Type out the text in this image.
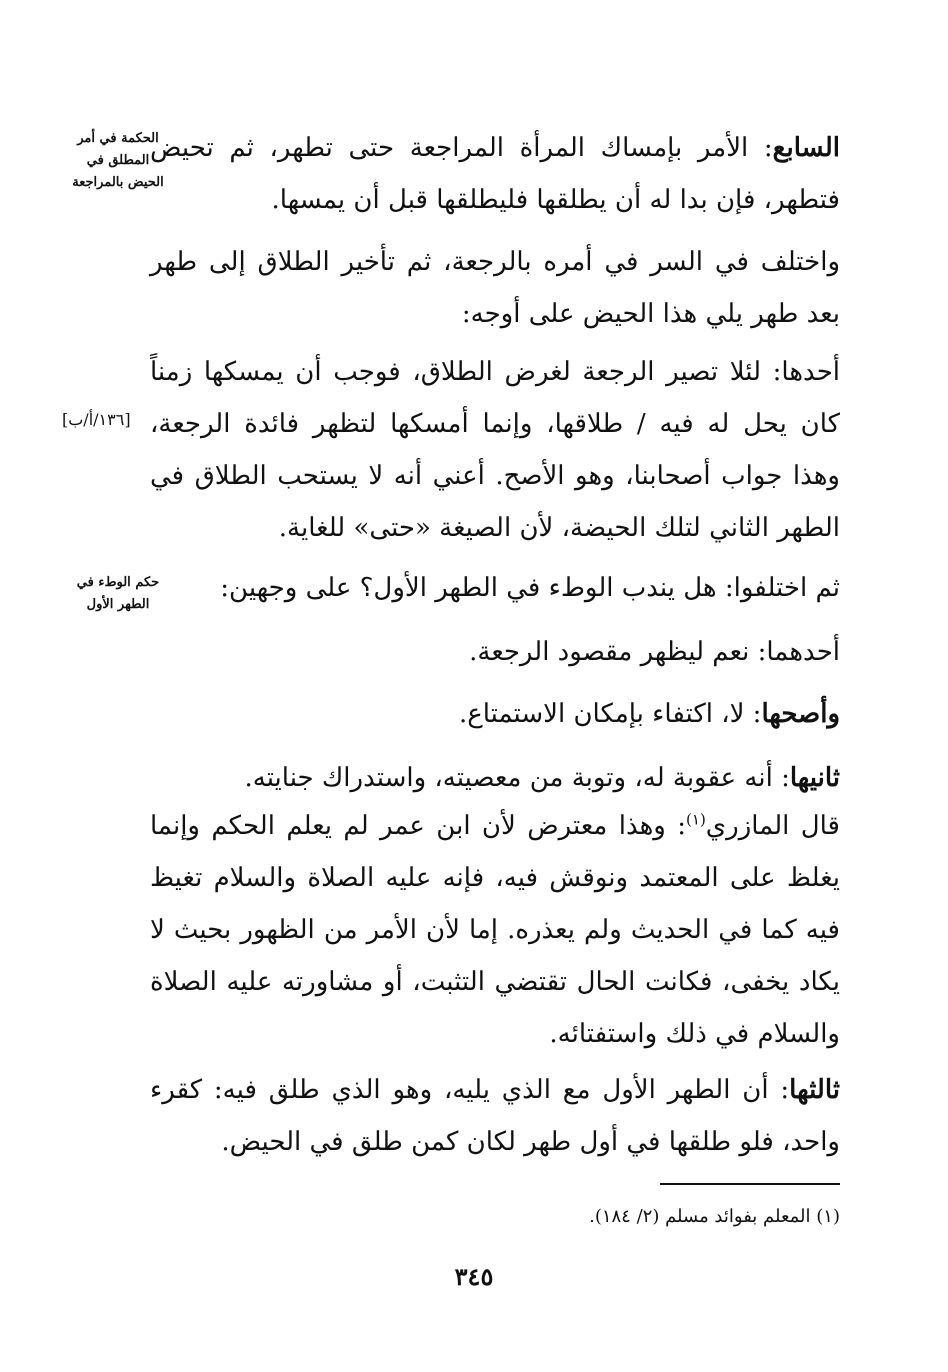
الحكمة في أمر المطلق في الحيض بالمراجعة

حكم الوطء في الطهر الأول

[١٣٦/أ/ب]

السابع: الأمر بإمساك المرأة المراجعة حتى تطهر، ثم تحيض فتطهر، فإن بدا له أن يطلقها فليطلقها قبل أن يمسها.

واختلف في السر في أمره بالرجعة، ثم تأخير الطلاق إلى طهر بعد طهر يلي هذا الحيض على أوجه:

أحدها: لئلا تصير الرجعة لغرض الطلاق، فوجب أن يمسكها زمناً كان يحل له فيه / طلاقها، وإنما أمسكها لتظهر فائدة الرجعة، وهذا جواب أصحابنا، وهو الأصح. أعني أنه لا يستحب الطلاق في الطهر الثاني لتلك الحيضة، لأن الصيغة «حتى» للغاية.

ثم اختلفوا: هل يندب الوطء في الطهر الأول؟ على وجهين:

أحدهما: نعم ليظهر مقصود الرجعة.

وأصحها: لا، اكتفاء بإمكان الاستمتاع.

ثانيها: أنه عقوبة له، وتوبة من معصيته، واستدراك جنايته.

قال المازري$^{(١)}$: وهذا معترض لأن ابن عمر لم يعلم الحكم وإنما يغلظ على المعتمد ونوقش فيه، فإنه عليه الصلاة والسلام تغيظ فيه كما في الحديث ولم يعذره. إما لأن الأمر من الظهور بحيث لا يكاد يخفى، فكانت الحال تقتضي التثبت، أو مشاورته عليه الصلاة والسلام في ذلك واستفتائه.

ثالثها: أن الطهر الأول مع الذي يليه، وهو الذي طلق فيه: كقرء واحد، فلو طلقها في أول طهر لكان كمن طلق في الحيض.

(١) المعلم بفوائد مسلم (٢/ ١٨٤).

٣٤٥
